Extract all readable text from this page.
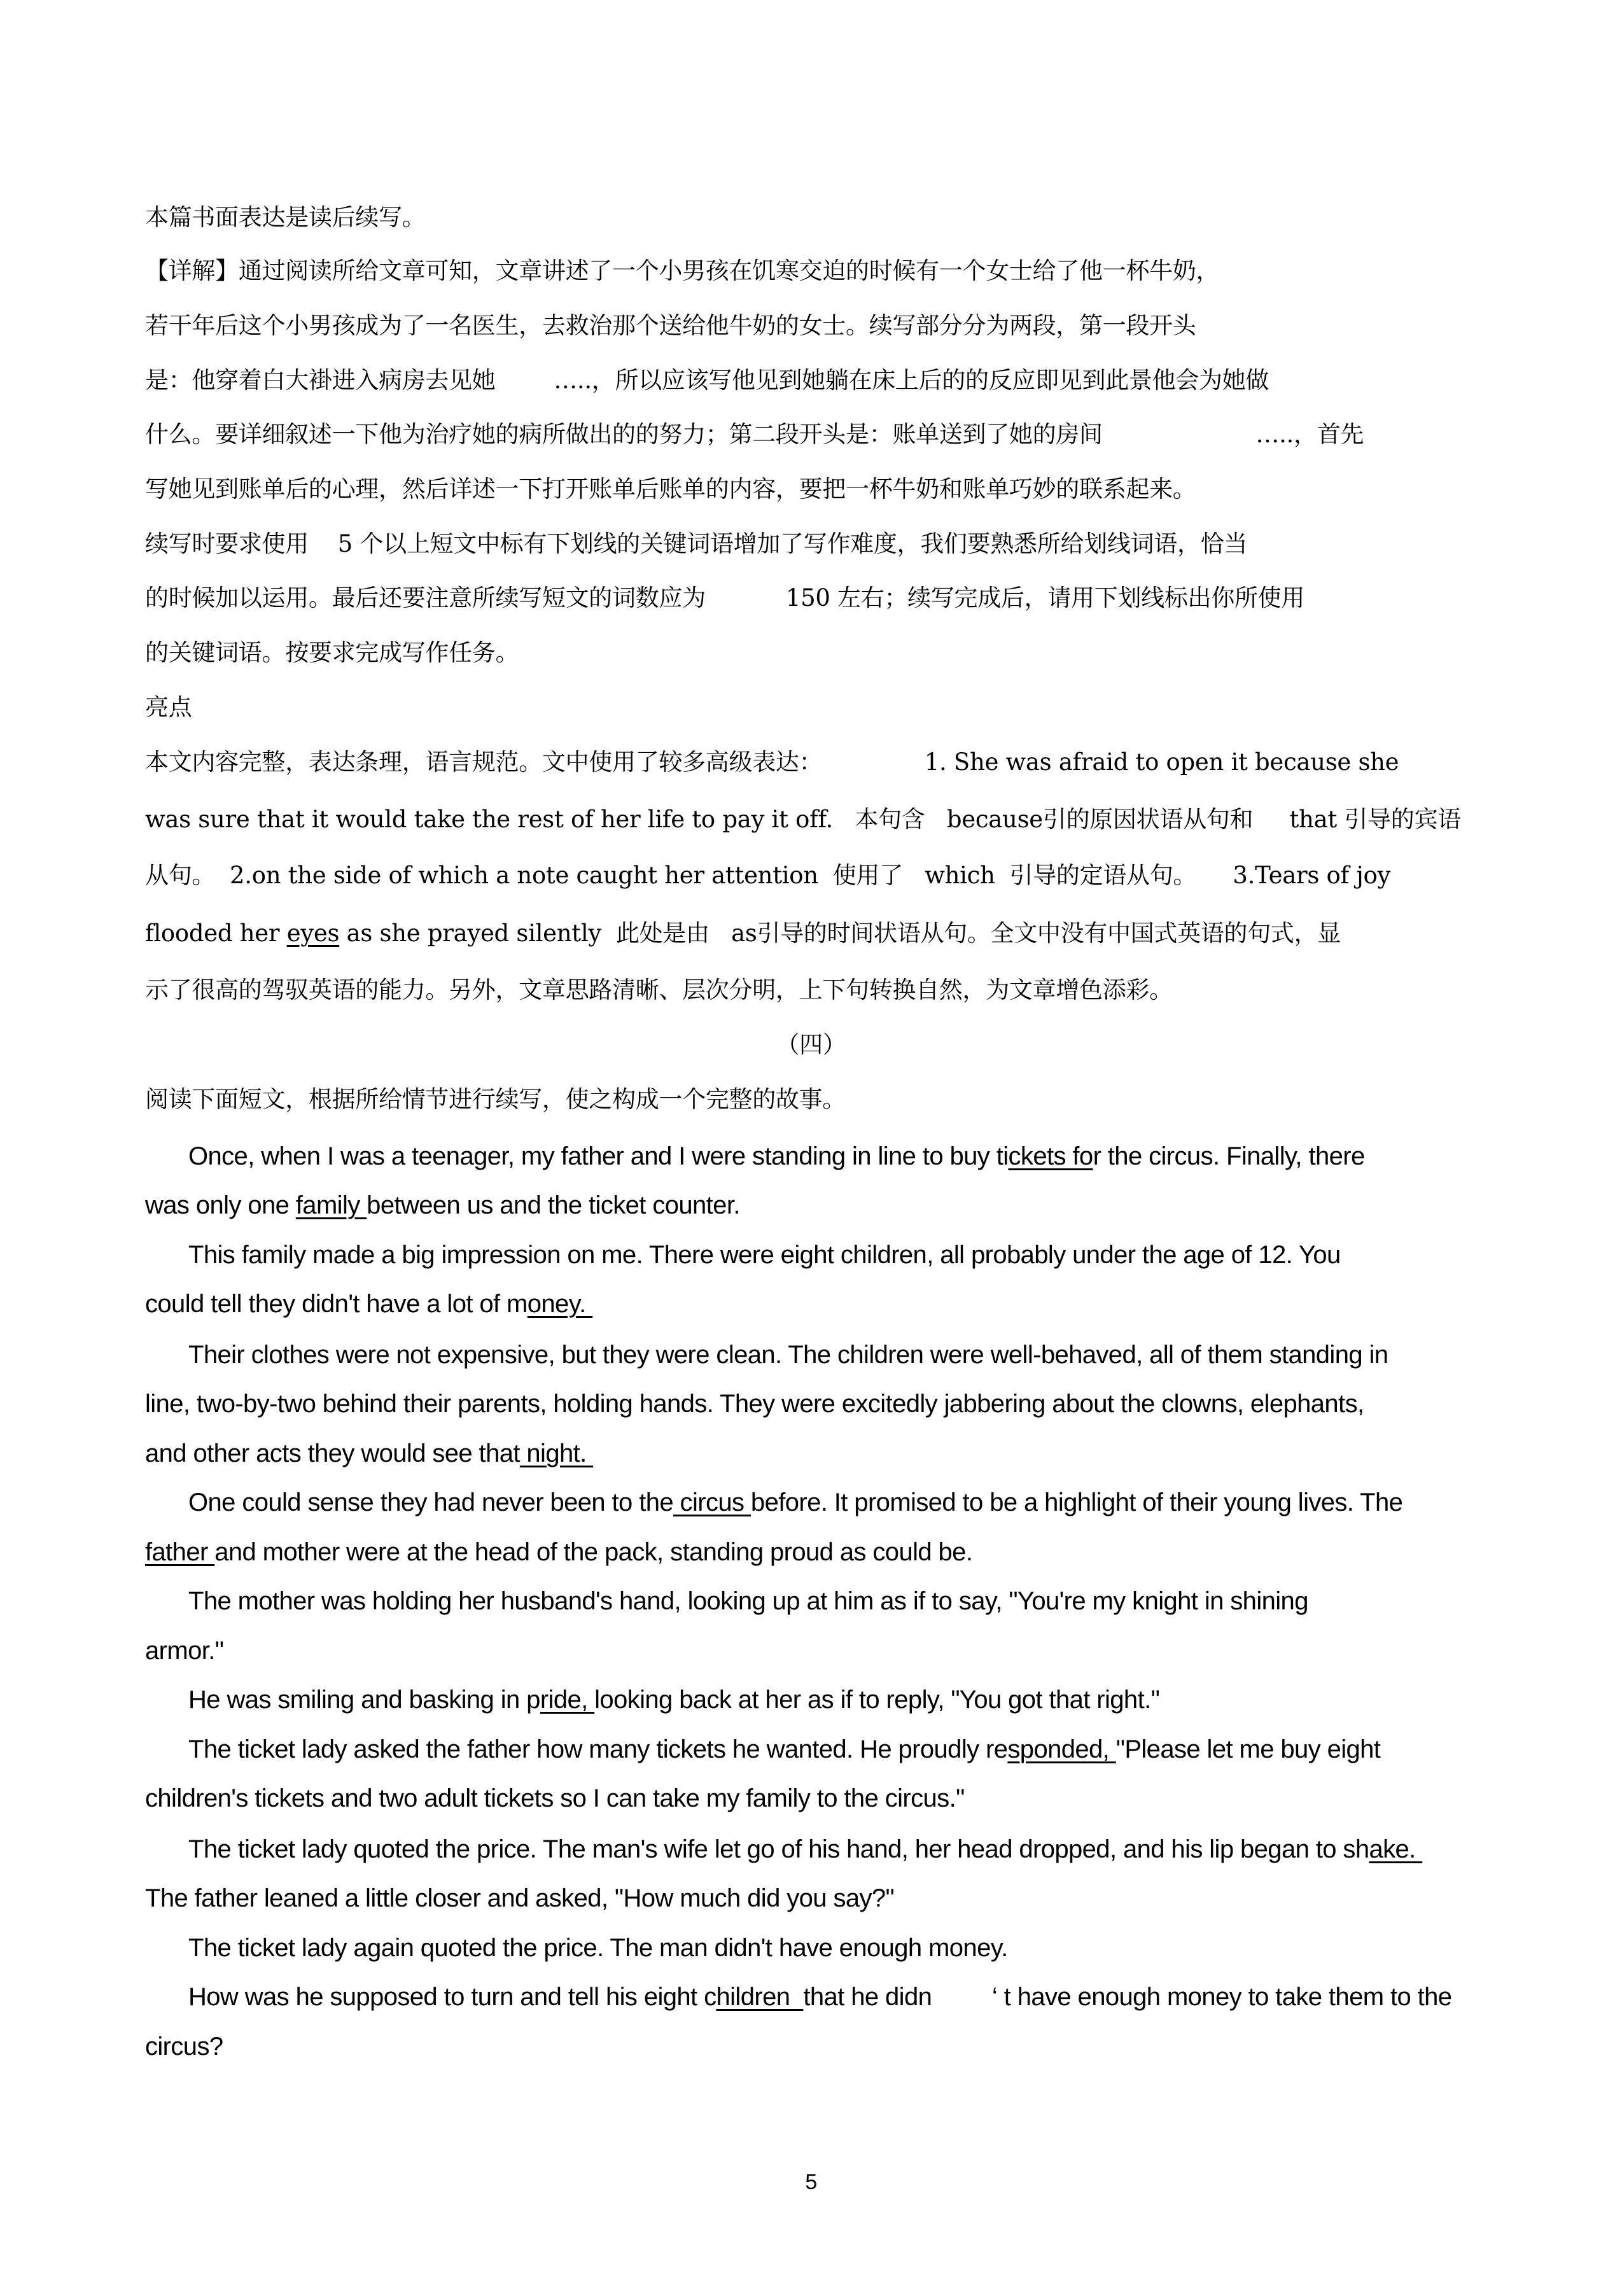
本篇书面表达是读后续写。
【详解】通过阅读所给文章可知，文章讲述了一个小男孩在饥寒交迫的时候有一个女士给了他一杯牛奶，
若干年后这个小男孩成为了一名医生，去救治那个送给他牛奶的女士。续写部分分为两段，第一段开头
是：他穿着白大褂进入病房去见她        …..，所以应该写他见到她躺在床上后的的反应即见到此景他会为她做
什么。要详细叙述一下他为治疗她的病所做出的的努力；第二段开头是：账单送到了她的房间                     …..，首先
写她见到账单后的心理，然后详述一下打开账单后账单的内容，要把一杯牛奶和账单巧妙的联系起来。
续写时要求使用    5 个以上短文中标有下划线的关键词语增加了写作难度，我们要熟悉所给划线词语，恰当
的时候加以运用。最后还要注意所续写短文的词数应为           150 左右；续写完成后，请用下划线标出你所使用
的关键词语。按要求完成写作任务。
亮点
本文内容完整，表达条理，语言规范。文中使用了较多高级表达：              1. She was afraid to open it because she
was sure that it would take the rest of her life to pay it off.   本句含   because引的原因状语从句和     that 引导的宾语
从句。  2.on the side of which a note caught her attention  使用了   which  引导的定语从句。     3.Tears of joy
flooded her eyes as she prayed silently  此处是由   as引导的时间状语从句。全文中没有中国式英语的句式，显
示了很高的驾驭英语的能力。另外，文章思路清晰、层次分明，上下句转换自然，为文章增色添彩。
（四）
阅读下面短文，根据所给情节进行续写，使之构成一个完整的故事。
Once, when I was a teenager, my father and I were standing in line to buy tickets for the circus. Finally, there
was only one family between us and the ticket counter.
This family made a big impression on me. There were eight children, all probably under the age of 12. You
could tell they didn't have a lot of money.
Their clothes were not expensive, but they were clean. The children were well-behaved, all of them standing in
line, two-by-two behind their parents, holding hands. They were excitedly jabbering about the clowns, elephants,
and other acts they would see that night.
One could sense they had never been to the circus before. It promised to be a highlight of their young lives. The
father and mother were at the head of the pack, standing proud as could be.
The mother was holding her husband's hand, looking up at him as if to say, "You're my knight in shining
armor."
He was smiling and basking in pride, looking back at her as if to reply, "You got that right."
The ticket lady asked the father how many tickets he wanted. He proudly responded, "Please let me buy eight
children's tickets and two adult tickets so I can take my family to the circus."
The ticket lady quoted the price. The man's wife let go of his hand, her head dropped, and his lip began to shake.
The father leaned a little closer and asked, "How much did you say?"
The ticket lady again quoted the price. The man didn't have enough money.
How was he supposed to turn and tell his eight children  that he didn         ‘ t have enough money to take them to the
circus?
5
